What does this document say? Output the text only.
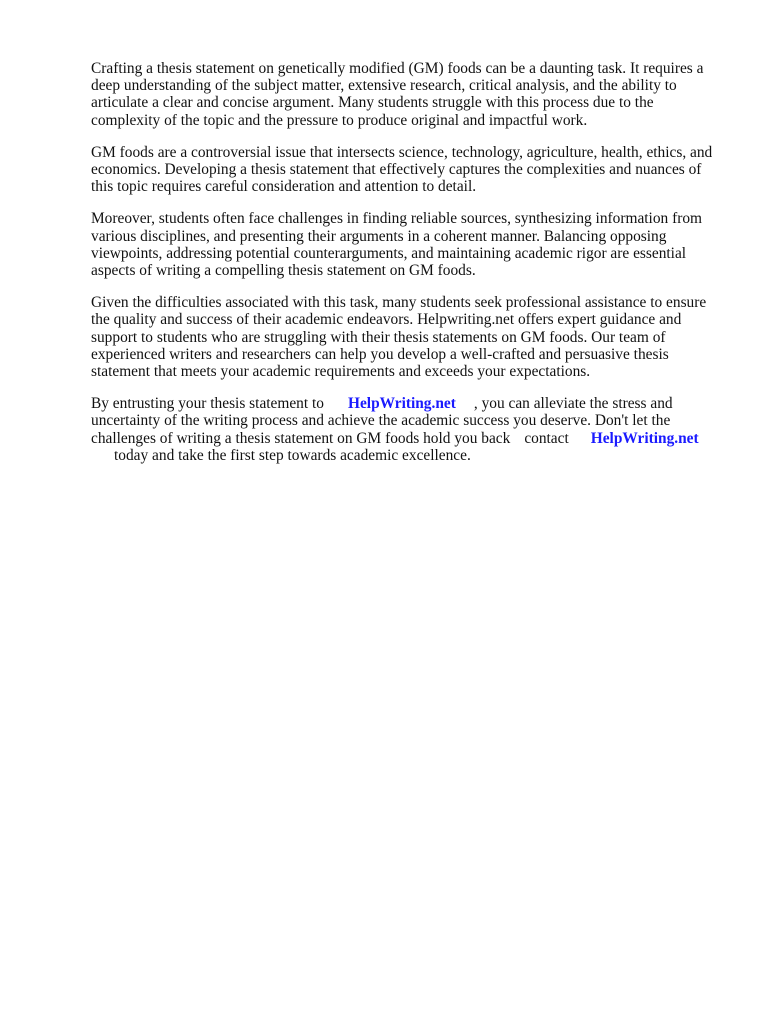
Crafting a thesis statement on genetically modified (GM) foods can be a daunting task. It requires a deep understanding of the subject matter, extensive research, critical analysis, and the ability to articulate a clear and concise argument. Many students struggle with this process due to the complexity of the topic and the pressure to produce original and impactful work.

GM foods are a controversial issue that intersects science, technology, agriculture, health, ethics, and economics. Developing a thesis statement that effectively captures the complexities and nuances of this topic requires careful consideration and attention to detail.

Moreover, students often face challenges in finding reliable sources, synthesizing information from various disciplines, and presenting their arguments in a coherent manner. Balancing opposing viewpoints, addressing potential counterarguments, and maintaining academic rigor are essential aspects of writing a compelling thesis statement on GM foods.

Given the difficulties associated with this task, many students seek professional assistance to ensure the quality and success of their academic endeavors. Helpwriting.net offers expert guidance and support to students who are struggling with their thesis statements on GM foods. Our team of experienced writers and researchers can help you develop a well-crafted and persuasive thesis statement that meets your academic requirements and exceeds your expectations.

By entrusting your thesis statement to HelpWriting.net , you can alleviate the stress and uncertainty of the writing process and achieve the academic success you deserve. Don't let the challenges of writing a thesis statement on GM foods hold you back contact HelpWriting.net
today and take the first step towards academic excellence.
